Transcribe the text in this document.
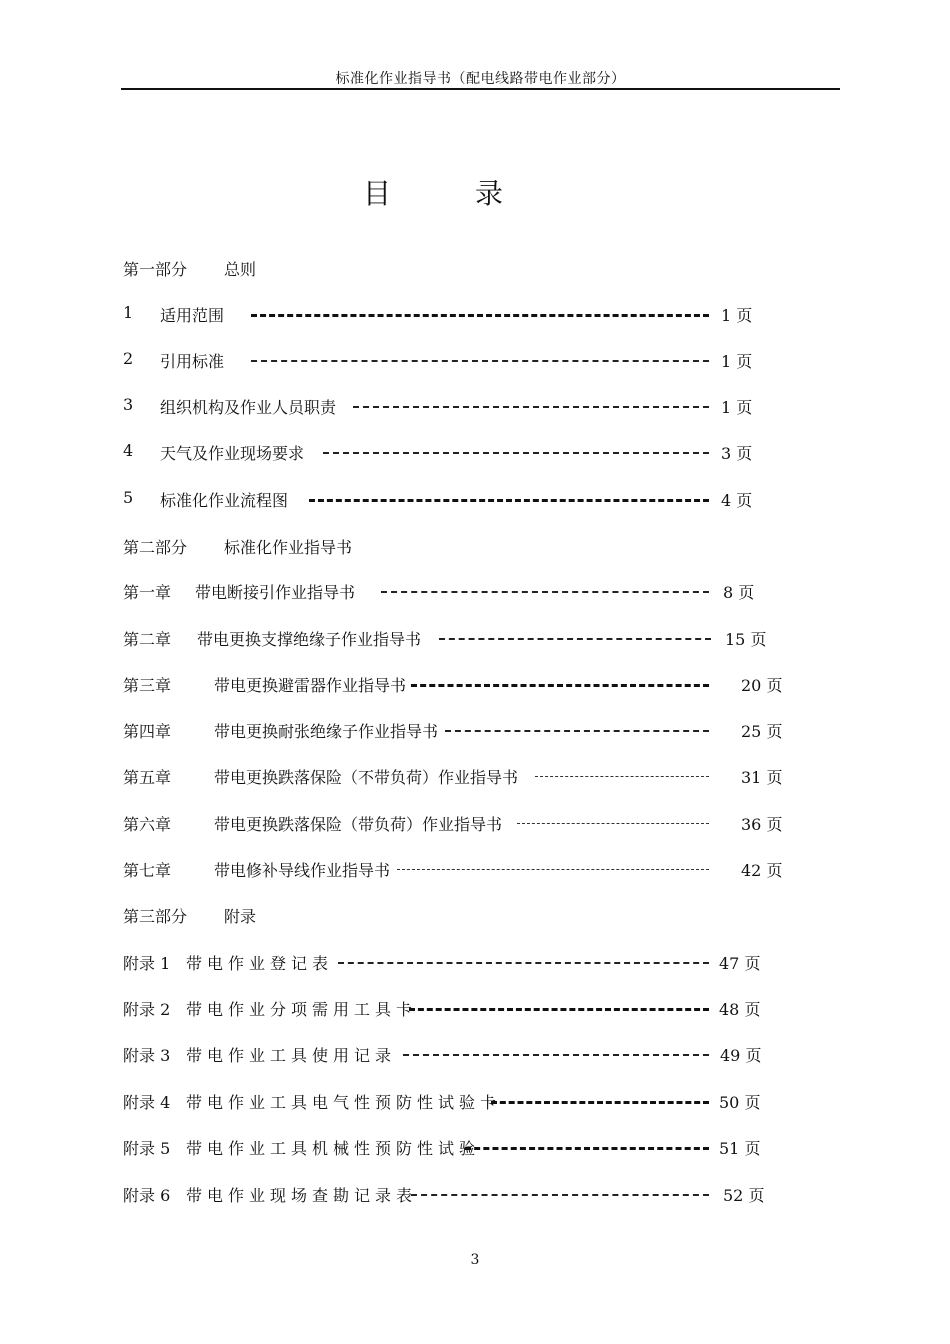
标准化作业指导书（配电线路带电作业部分）
目录
第一部分 总则
1 适用范围	1 页
2 引用标准	1 页
3 组织机构及作业人员职责	1 页
4 天气及作业现场要求	3 页
5 标准化作业流程图	4 页
第二部分 标准化作业指导书
第一章 带电断接引作业指导书	8 页
第二章 带电更换支撑绝缘子作业指导书	15 页
第三章	带电更换避雷器作业指导书	20 页
第四章	带电更换耐张绝缘子作业指导书	25 页
第五章	带电更换跌落保险（不带负荷）作业指导书	31 页
第六章	带电更换跌落保险（带负荷）作业指导书	36 页
第七章	带电修补导线作业指导书	42 页
第三部分 附录
附录 1 带电作业登记表	47 页
附录 2 带电作业分项需用工具卡	48 页
附录 3 带电作业工具使用记录	49 页
附录 4 带电作业工具电气性预防性试验卡	50 页
附录 5 带电作业工具机械性预防性试验	51 页
附录 6 带电作业现场查勘记录表	52 页
3
